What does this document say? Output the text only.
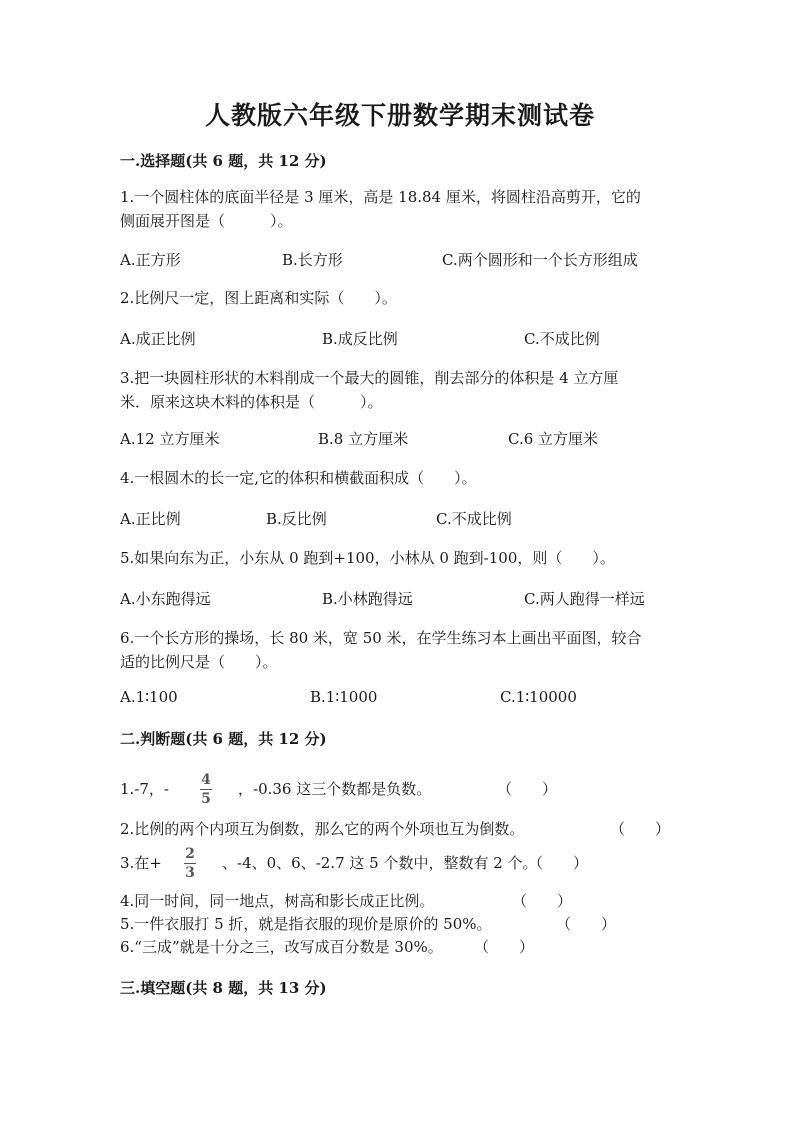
人教版六年级下册数学期末测试卷
一.选择题(共 6 题，共 12 分)
1.一个圆柱体的底面半径是 3 厘米，高是 18.84 厘米，将圆柱沿高剪开，它的
侧面展开图是（　　　）。
A.正方形	B.长方形	C.两个圆形和一个长方形组成
2.比例尺一定，图上距离和实际（　　）。
A.成正比例	B.成反比例	C.不成比例
3.把一块圆柱形状的木料削成一个最大的圆锥，削去部分的体积是 4 立方厘
米．原来这块木料的体积是（　　　）。
A.12 立方厘米	B.8 立方厘米	C.6 立方厘米
4.一根圆木的长一定,它的体积和横截面积成（　　）。
A.正比例	B.反比例	C.不成比例
5.如果向东为正，小东从 0 跑到+100，小林从 0 跑到-100，则（　　）。
A.小东跑得远	B.小林跑得远	C.两人跑得一样远
6.一个长方形的操场，长 80 米，宽 50 米，在学生练习本上画出平面图，较合
适的比例尺是（　　）。
A.1∶100	B.1∶1000	C.1∶10000
二.判断题(共 6 题，共 12 分)
1.-7，- 4
5
，-0.36 这三个数都是负数。	（　　）
2.比例的两个内项互为倒数，那么它的两个外项也互为倒数。	（　　）
3.在+ 2
3
、-4、0、6、-2.7 这 5 个数中，整数有 2 个。
（　　）
4.同一时间，同一地点，树高和影长成正比例。	（　　）
5.一件衣服打 5 折，就是指衣服的现价是原价的 50%。	（　　）
6.“三成”就是十分之三，改写成百分数是 30%。 （　　）
三.填空题(共 8 题，共 13 分)
